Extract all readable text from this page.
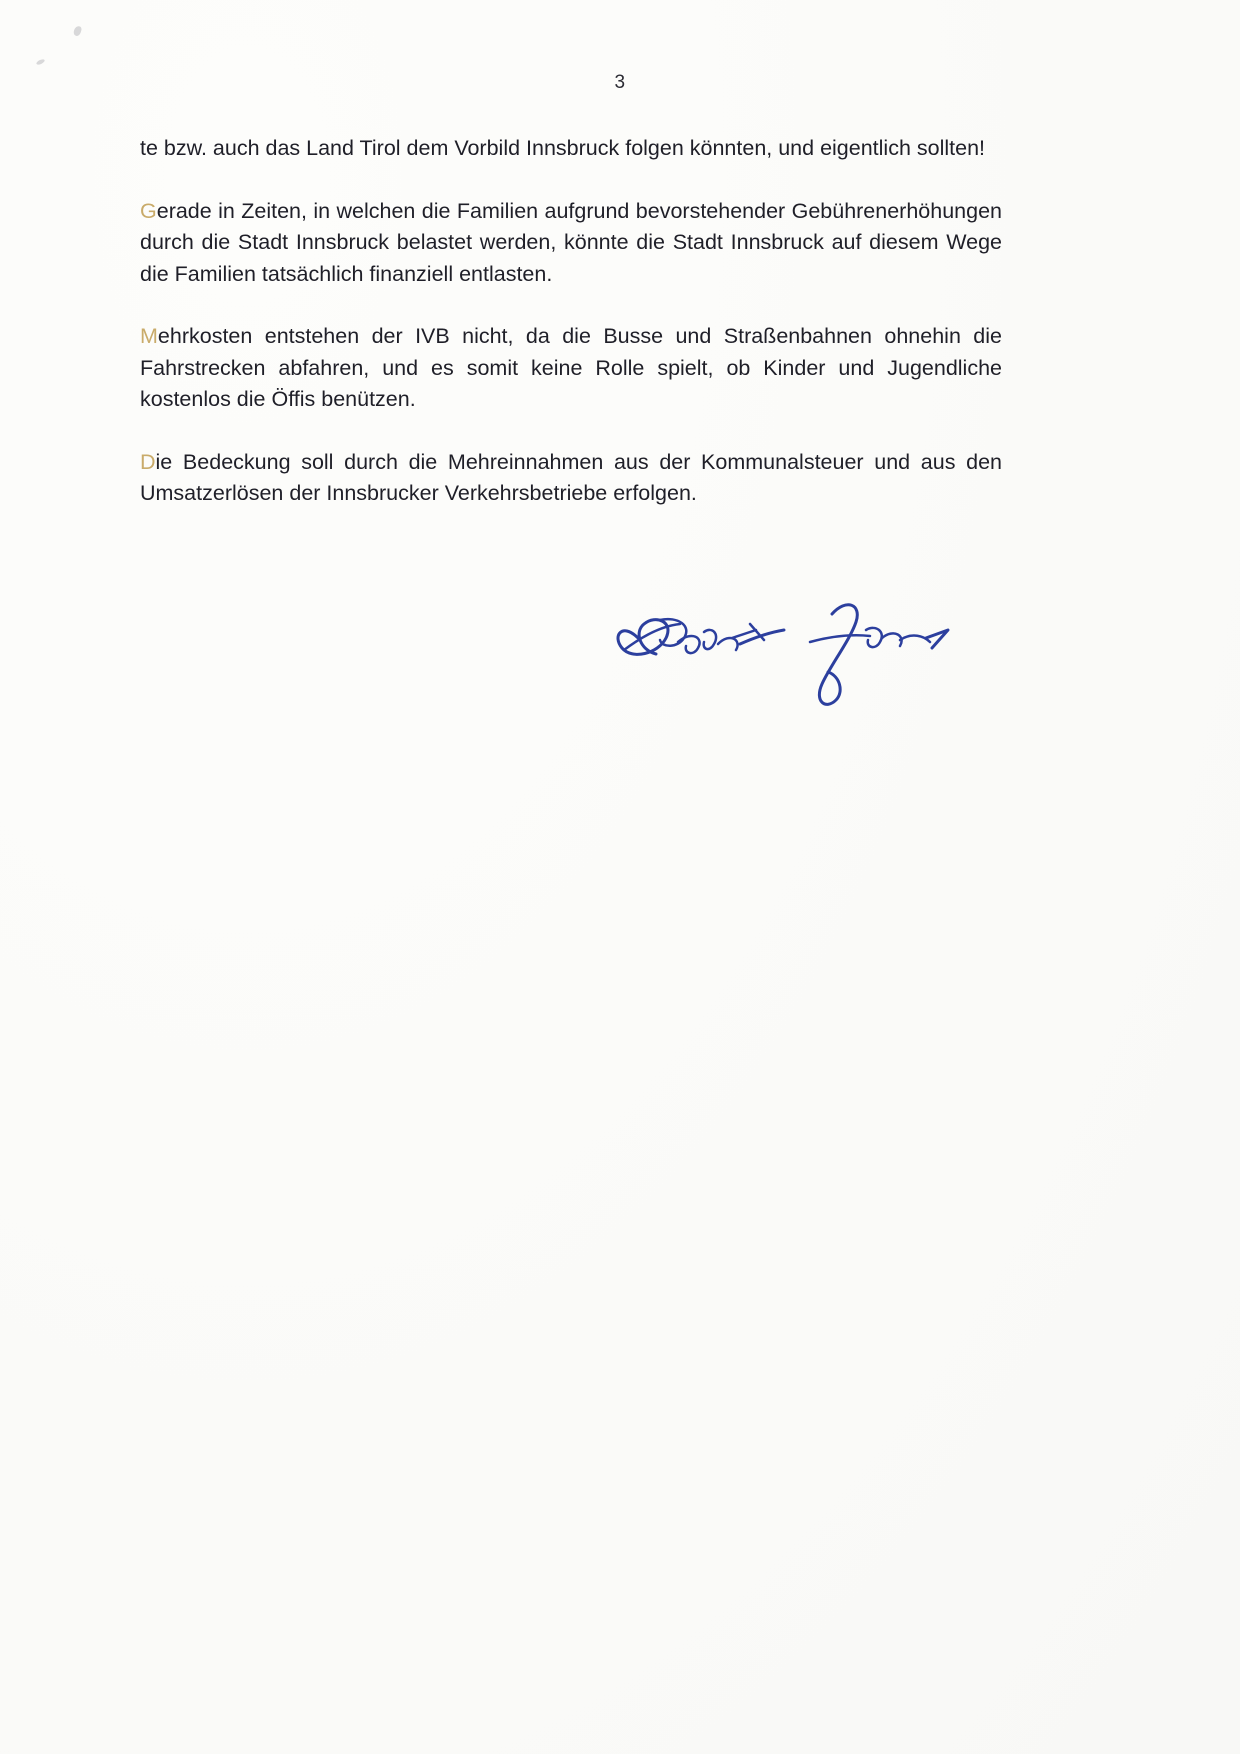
3

te bzw. auch das Land Tirol dem Vorbild Innsbruck folgen könnten, und eigentlich sollten!

Gerade in Zeiten, in welchen die Familien aufgrund bevorstehender Gebührenerhöhungen durch die Stadt Innsbruck belastet werden, könnte die Stadt Innsbruck auf diesem Wege die Familien tatsächlich finanziell entlasten.

Mehrkosten entstehen der IVB nicht, da die Busse und Straßenbahnen ohnehin die Fahrstrecken abfahren, und es somit keine Rolle spielt, ob Kinder und Jugendliche kostenlos die Öffis benützen.

Die Bedeckung soll durch die Mehreinnahmen aus der Kommunalsteuer und aus den Umsatzerlösen der Innsbrucker Verkehrsbetriebe erfolgen.
